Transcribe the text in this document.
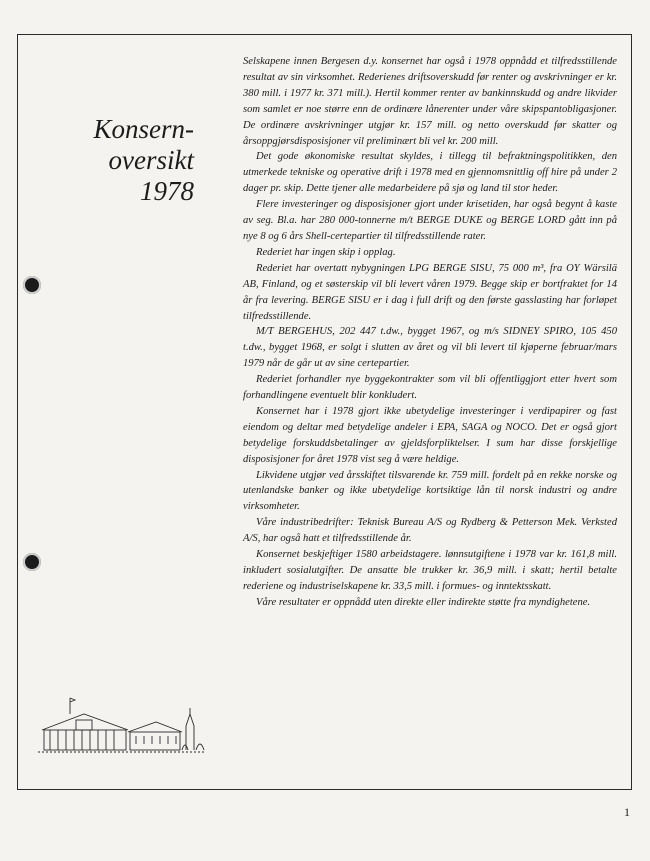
Konsern-
oversikt
1978

Selskapene innen Bergesen d.y. konsernet har også i 1978 oppnådd et tilfredsstillende resultat av sin virksomhet. Rederienes driftsoverskudd før renter og avskrivninger er kr. 380 mill. i 1977 kr. 371 mill.). Hertil kommer renter av bankinnskudd og andre likvider som samlet er noe større enn de ordinære lånerenter under våre skipspantobligasjoner. De ordinære avskrivninger utgjør kr. 157 mill. og netto overskudd før skatter og årsoppgjørsdisposisjoner vil preliminært bli vel kr. 200 mill.

Det gode økonomiske resultat skyldes, i tillegg til befraktningspolitikken, den utmerkede tekniske og operative drift i 1978 med en gjennomsnittlig off hire på under 2 dager pr. skip. Dette tjener alle medarbeidere på sjø og land til stor heder.

Flere investeringer og disposisjoner gjort under krisetiden, har også begynt å kaste av seg. Bl.a. har 280 000-tonnerne m/t BERGE DUKE og BERGE LORD gått inn på nye 8 og 6 års Shell-certepartier til tilfredsstillende rater.

Rederiet har ingen skip i opplag.

Rederiet har overtatt nybygningen LPG BERGE SISU, 75 000 m³, fra OY Wärsilä AB, Finland, og et søsterskip vil bli levert våren 1979. Begge skip er bortfraktet for 14 år fra levering. BERGE SISU er i dag i full drift og den første gasslasting har forløpet tilfredsstillende.

M/T BERGEHUS, 202 447 t.dw., bygget 1967, og m/s SIDNEY SPIRO, 105 450 t.dw., bygget 1968, er solgt i slutten av året og vil bli levert til kjøperne februar/mars 1979 når de går ut av sine certepartier.

Rederiet forhandler nye byggekontrakter som vil bli offentliggjort etter hvert som forhandlingene eventuelt blir konkludert.

Konsernet har i 1978 gjort ikke ubetydelige investeringer i verdipapirer og fast eiendom og deltar med betydelige andeler i EPA, SAGA og NOCO. Det er også gjort betydelige forskuddsbetalinger av gjeldsforpliktelser. I sum har disse forskjellige disposisjoner for året 1978 vist seg å være heldige.

Likvidene utgjør ved årsskiftet tilsvarende kr. 759 mill. fordelt på en rekke norske og utenlandske banker og ikke ubetydelige kortsiktige lån til norsk industri og andre virksomheter.

Våre industribedrifter: Teknisk Bureau A/S og Rydberg & Petterson Mek. Verksted A/S, har også hatt et tilfredsstillende år.

Konsernet beskjeftiger 1580 arbeidstagere. lønnsutgiftene i 1978 var kr. 161,8 mill. inkludert sosialutgifter. De ansatte ble trukker kr. 36,9 mill. i skatt; hertil betalte rederiene og industriselskapene kr. 33,5 mill. i formues- og inntektsskatt.

Våre resultater er oppnådd uten direkte eller indirekte støtte fra myndighetene.

1
